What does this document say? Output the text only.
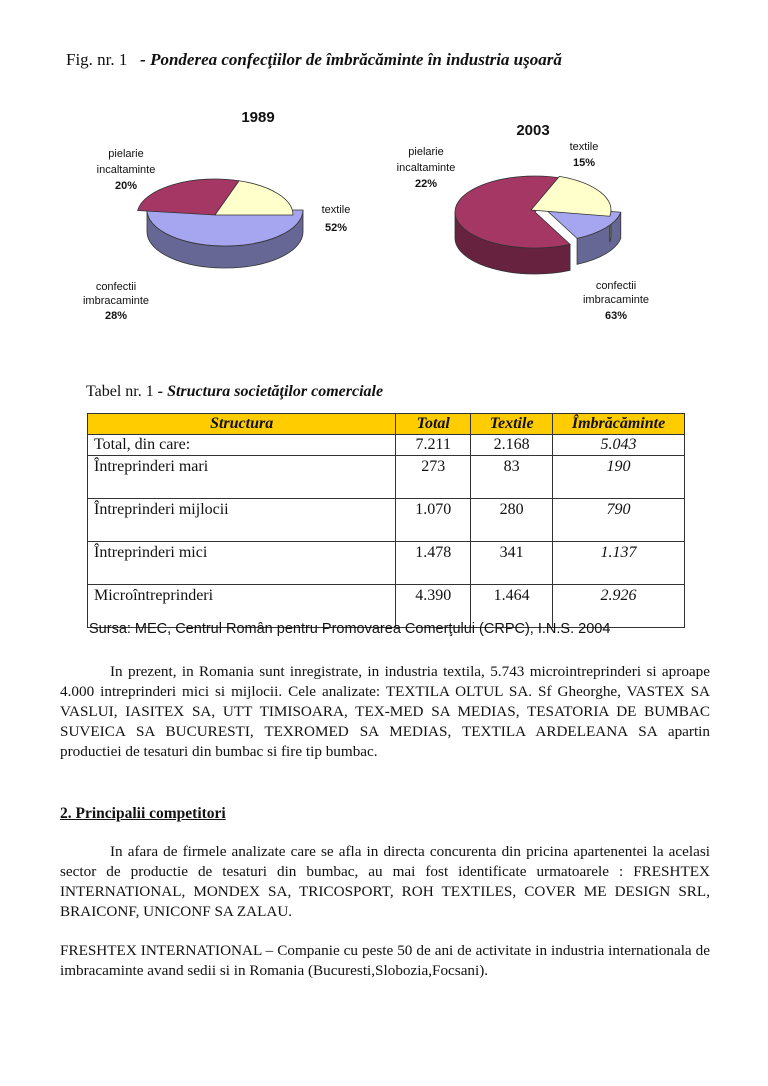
Fig. nr. 1 - Ponderea confecţiilor de îmbrăcăminte în industria uşoară
1989
textile
52%
confectii
imbracaminte
28%
pielarie
incaltaminte
20%
2003
textile
15%
confectii
imbracaminte
63%
pielarie
incaltaminte
22%
Tabel nr. 1 - Structura societăţilor comerciale
Structura	Total	Textile	Îmbrăcăminte
Total, din care:	7.211	2.168	5.043
Întreprinderi mari	273	83	190
Întreprinderi mijlocii	1.070	280	790
Întreprinderi mici	1.478	341	1.137
Microîntreprinderi	4.390	1.464	2.926
Sursa: MEC, Centrul Român pentru Promovarea Comerţului (CRPC), I.N.S. 2004
In prezent, in Romania sunt inregistrate, in industria textila, 5.743 microintreprinderi si aproape 4.000 intreprinderi mici si mijlocii. Cele analizate: TEXTILA OLTUL SA. Sf Gheorghe, VASTEX SA VASLUI, IASITEX SA, UTT TIMISOARA, TEX-MED SA MEDIAS, TESATORIA DE BUMBAC SUVEICA SA BUCURESTI, TEXROMED SA MEDIAS, TEXTILA ARDELEANA SA apartin productiei de tesaturi din bumbac si fire tip bumbac.
2. Principalii competitori
In afara de firmele analizate care se afla in directa concurenta din pricina apartenentei la acelasi sector de productie de tesaturi din bumbac, au mai fost identificate urmatoarele : FRESHTEX INTERNATIONAL, MONDEX SA, TRICOSPORT, ROH TEXTILES, COVER ME DESIGN SRL, BRAICONF, UNICONF SA ZALAU.
FRESHTEX INTERNATIONAL – Companie cu peste 50 de ani de activitate in industria internationala de imbracaminte avand sedii si in Romania (Bucuresti,Slobozia,Focsani).
